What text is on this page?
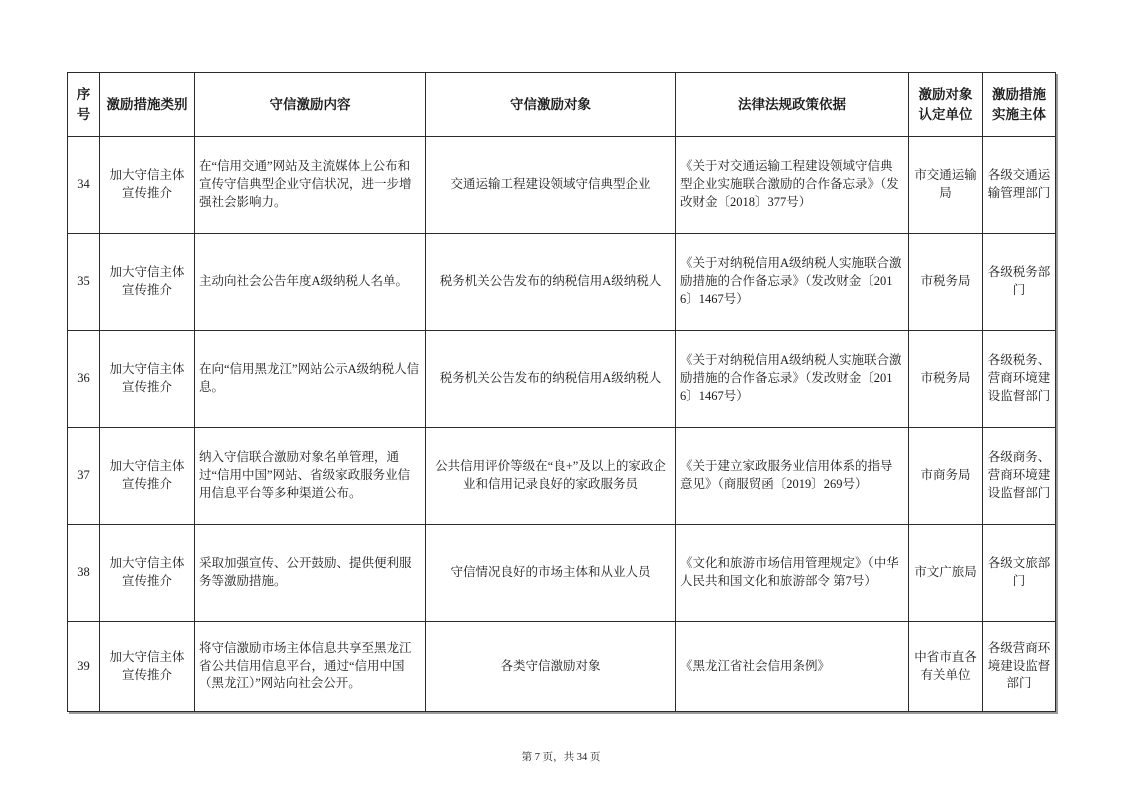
序号	激励措施类别	守信激励内容	守信激励对象	法律法规政策依据	激励对象认定单位	激励措施实施主体
34	加大守信主体宣传推介	在“信用交通”网站及主流媒体上公布和宣传守信典型企业守信状况，进一步增强社会影响力。	交通运输工程建设领域守信典型企业	《关于对交通运输工程建设领域守信典型企业实施联合激励的合作备忘录》（发改财金〔2018〕377号）	市交通运输局	各级交通运输管理部门
35	加大守信主体宣传推介	主动向社会公告年度A级纳税人名单。	税务机关公告发布的纳税信用A级纳税人	《关于对纳税信用A级纳税人实施联合激励措施的合作备忘录》（发改财金〔2016〕1467号）	市税务局	各级税务部门
36	加大守信主体宣传推介	在向“信用黑龙江”网站公示A级纳税人信息。	税务机关公告发布的纳税信用A级纳税人	《关于对纳税信用A级纳税人实施联合激励措施的合作备忘录》（发改财金〔2016〕1467号）	市税务局	各级税务、营商环境建设监督部门
37	加大守信主体宣传推介	纳入守信联合激励对象名单管理，通过“信用中国”网站、省级家政服务业信用信息平台等多种渠道公布。	公共信用评价等级在“良+”及以上的家政企业和信用记录良好的家政服务员	《关于建立家政服务业信用体系的指导意见》（商服贸函〔2019〕269号）	市商务局	各级商务、营商环境建设监督部门
38	加大守信主体宣传推介	采取加强宣传、公开鼓励、提供便利服务等激励措施。	守信情况良好的市场主体和从业人员	《文化和旅游市场信用管理规定》（中华人民共和国文化和旅游部令 第7号）	市文广旅局	各级文旅部门
39	加大守信主体宣传推介	将守信激励市场主体信息共享至黑龙江省公共信用信息平台，通过“信用中国（黑龙江）”网站向社会公开。	各类守信激励对象	《黑龙江省社会信用条例》	中省市直各有关单位	各级营商环境建设监督部门
第 7 页，共 34 页
